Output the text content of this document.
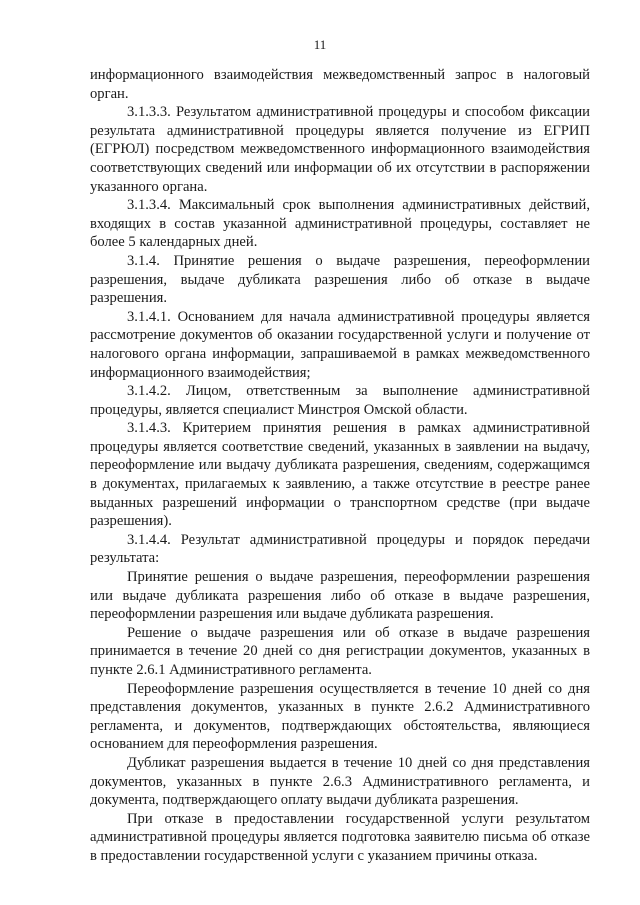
11

информационного взаимодействия межведомственный запрос в налоговый орган.

3.1.3.3. Результатом административной процедуры и способом фиксации результата административной процедуры является получение из ЕГРИП (ЕГРЮЛ) посредством межведомственного информационного взаимодействия соответствующих сведений или информации об их отсутствии в распоряжении указанного органа.

3.1.3.4. Максимальный срок выполнения административных действий, входящих в состав указанной административной процедуры, составляет не более 5 календарных дней.

3.1.4. Принятие решения о выдаче разрешения, переоформлении разрешения, выдаче дубликата разрешения либо об отказе в выдаче разрешения.

3.1.4.1. Основанием для начала административной процедуры является рассмотрение документов об оказании государственной услуги и получение от налогового органа информации, запрашиваемой в рамках межведомственного информационного взаимодействия;

3.1.4.2. Лицом, ответственным за выполнение административной процедуры, является специалист Минстроя Омской области.

3.1.4.3. Критерием принятия решения в рамках административной процедуры является соответствие сведений, указанных в заявлении на выдачу, переоформление или выдачу дубликата разрешения, сведениям, содержащимся в документах, прилагаемых к заявлению, а также отсутствие в реестре ранее выданных разрешений информации о транспортном средстве (при выдаче разрешения).

3.1.4.4. Результат административной процедуры и порядок передачи результата:

Принятие решения о выдаче разрешения, переоформлении разрешения или выдаче дубликата разрешения либо об отказе в выдаче разрешения, переоформлении разрешения или выдаче дубликата разрешения.

Решение о выдаче разрешения или об отказе в выдаче разрешения принимается в течение 20 дней со дня регистрации документов, указанных в пункте 2.6.1 Административного регламента.

Переоформление разрешения осуществляется в течение 10 дней со дня представления документов, указанных в пункте 2.6.2 Административного регламента, и документов, подтверждающих обстоятельства, являющиеся основанием для переоформления разрешения.

Дубликат разрешения выдается в течение 10 дней со дня представления документов, указанных в пункте 2.6.3 Административного регламента, и документа, подтверждающего оплату выдачи дубликата разрешения.

При отказе в предоставлении государственной услуги результатом административной процедуры является подготовка заявителю письма об отказе в предоставлении государственной услуги с указанием причины отказа.
